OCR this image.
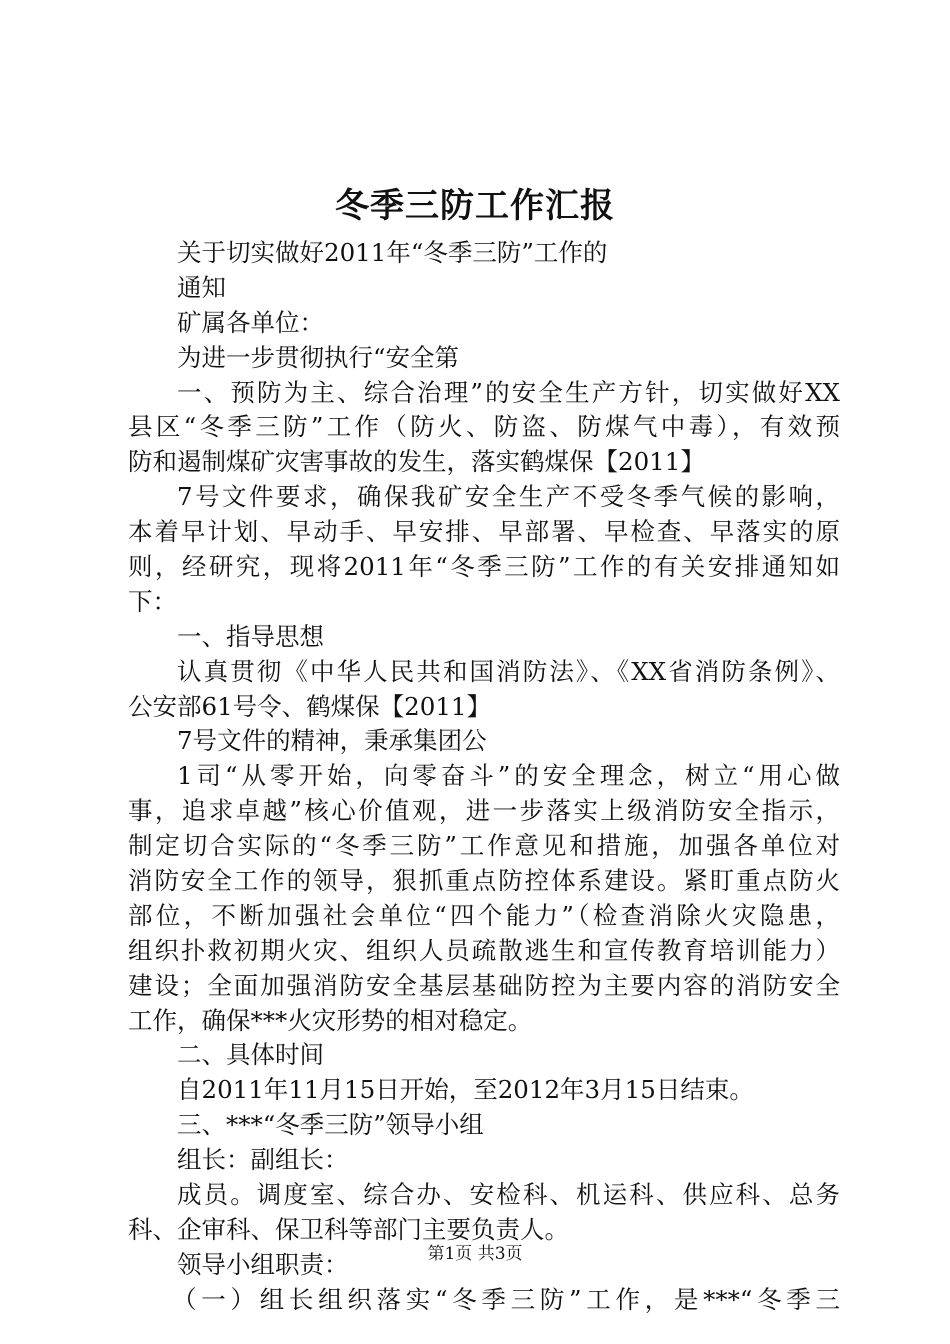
冬季三防工作汇报
关于切实做好2011年“冬季三防”工作的
通知
矿属各单位：
为进一步贯彻执行“安全第
一、预防为主、综合治理”的安全生产方针，切实做好XX
县区“冬季三防”工作（防火、防盗、防煤气中毒），有效预
防和遏制煤矿灾害事故的发生，落实鹤煤保【2011】
7号文件要求，确保我矿安全生产不受冬季气候的影响，
本着早计划、早动手、早安排、早部署、早检查、早落实的原
则，经研究，现将2011年“冬季三防”工作的有关安排通知如
下：
一、指导思想
认真贯彻《中华人民共和国消防法》、《XX省消防条例》、
公安部61号令、鹤煤保【2011】
7号文件的精神，秉承集团公
1司“从零开始，向零奋斗”的安全理念，树立“用心做
事，追求卓越”核心价值观，进一步落实上级消防安全指示，
制定切合实际的“冬季三防”工作意见和措施，加强各单位对
消防安全工作的领导，狠抓重点防控体系建设。紧盯重点防火
部位，不断加强社会单位“四个能力”（检查消除火灾隐患，
组织扑救初期火灾、组织人员疏散逃生和宣传教育培训能力）
建设；全面加强消防安全基层基础防控为主要内容的消防安全
工作，确保***火灾形势的相对稳定。
二、具体时间
自2011年11月15日开始，至2012年3月15日结束。
三、***“冬季三防”领导小组
组长：副组长：
成员。调度室、综合办、安检科、机运科、供应科、总务
科、企审科、保卫科等部门主要负责人。
领导小组职责：
（一）组长组织落实“冬季三防”工作，是***“冬季三
第1页 共3页
